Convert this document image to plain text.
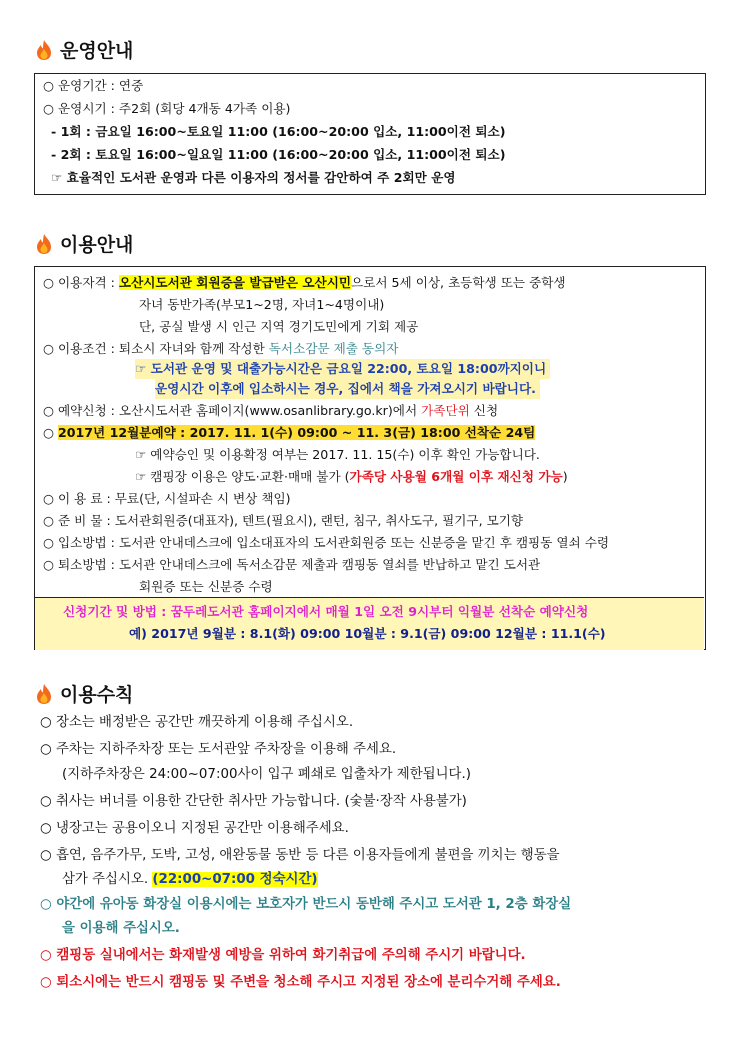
운영안내
○ 운영기간 : 연중
○ 운영시기 : 주2회 (회당 4개동 4가족 이용)
- 1회 : 금요일 16:00~토요일 11:00 (16:00~20:00 입소, 11:00이전 퇴소)
- 2회 : 토요일 16:00~일요일 11:00 (16:00~20:00 입소, 11:00이전 퇴소)
☞ 효율적인 도서관 운영과 다른 이용자의 정서를 감안하여 주 2회만 운영
이용안내
○ 이용자격 : 오산시도서관 회원증을 발급받은 오산시민으로서 5세 이상, 초등학생 또는 중학생
자녀 동반가족(부모1~2명, 자녀1~4명이내)
단, 공실 발생 시 인근 지역 경기도민에게 기회 제공
○ 이용조건 : 퇴소시 자녀와 함께 작성한 독서소감문 제출 동의자
☞ 도서관 운영 및 대출가능시간은 금요일 22:00, 토요일 18:00까지이니
운영시간 이후에 입소하시는 경우, 집에서 책을 가져오시기 바랍니다.
○ 예약신청 : 오산시도서관 홈페이지(www.osanlibrary.go.kr)에서 가족단위 신청
○ 2017년 12월분예약 : 2017. 11. 1(수) 09:00 ~ 11. 3(금) 18:00 선착순 24팀
☞ 예약승인 및 이용확정 여부는 2017. 11. 15(수) 이후 확인 가능합니다.
☞ 캠핑장 이용은 양도·교환·매매 불가 (가족당 사용월 6개월 이후 재신청 가능)
○ 이 용 료 : 무료(단, 시설파손 시 변상 책임)
○ 준 비 물 : 도서관회원증(대표자), 텐트(필요시), 랜턴, 침구, 취사도구, 필기구, 모기향
○ 입소방법 : 도서관 안내데스크에 입소대표자의 도서관회원증 또는 신분증을 맡긴 후 캠핑동 열쇠 수령
○ 퇴소방법 : 도서관 안내데스크에 독서소감문 제출과 캠핑동 열쇠를 반납하고 맡긴 도서관
회원증 또는 신분증 수령
신청기간 및 방법 : 꿈두레도서관 홈페이지에서 매월 1일 오전 9시부터 익월분 선착순 예약신청
예) 2017년 9월분 : 8.1(화) 09:00 10월분 : 9.1(금) 09:00 12월분 : 11.1(수)
이용수칙
○ 장소는 배정받은 공간만 깨끗하게 이용해 주십시오.
○ 주차는 지하주차장 또는 도서관앞 주차장을 이용해 주세요.
(지하주차장은 24:00~07:00사이 입구 폐쇄로 입출차가 제한됩니다.)
○ 취사는 버너를 이용한 간단한 취사만 가능합니다. (숯불·장작 사용불가)
○ 냉장고는 공용이오니 지정된 공간만 이용해주세요.
○ 흡연, 음주가무, 도박, 고성, 애완동물 동반 등 다른 이용자들에게 불편을 끼치는 행동을
삼가 주십시오. (22:00~07:00 정숙시간)
○ 야간에 유아동 화장실 이용시에는 보호자가 반드시 동반해 주시고 도서관 1, 2층 화장실
을 이용해 주십시오.
○ 캠핑동 실내에서는 화재발생 예방을 위하여 화기취급에 주의해 주시기 바랍니다.
○ 퇴소시에는 반드시 캠핑동 및 주변을 청소해 주시고 지정된 장소에 분리수거해 주세요.
